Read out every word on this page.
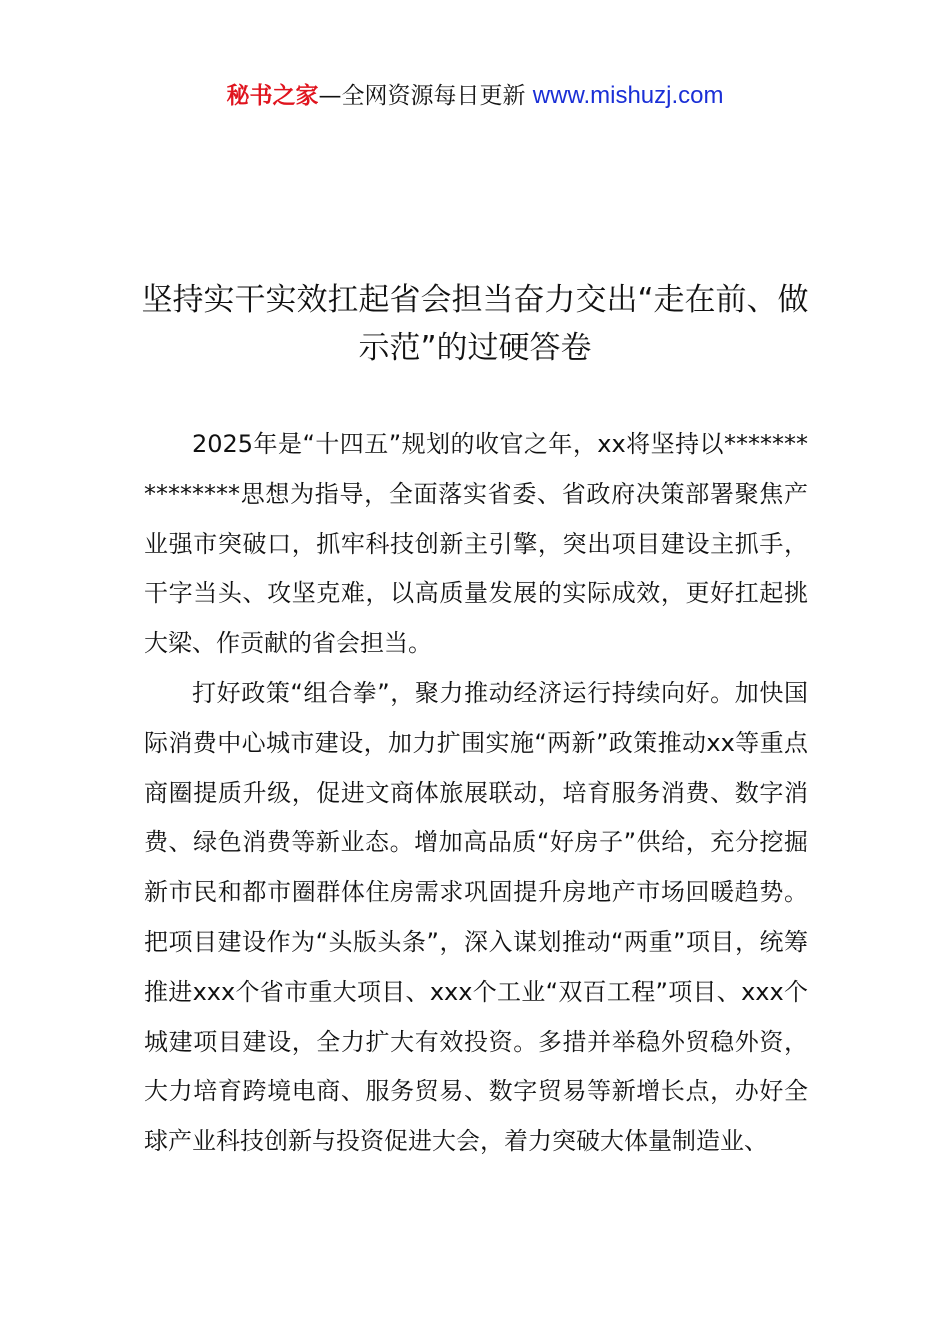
秘书之家—全网资源每日更新 www.mishuzj.com
坚持实干实效扛起省会担当奋力交出“走在前、做示范”的过硬答卷

2025年是“十四五”规划的收官之年，xx将坚持以***************思想为指导，全面落实省委、省政府决策部署聚焦产业强市突破口，抓牢科技创新主引擎，突出项目建设主抓手，干字当头、攻坚克难，以高质量发展的实际成效，更好扛起挑大梁、作贡献的省会担当。

打好政策“组合拳”，聚力推动经济运行持续向好。加快国际消费中心城市建设，加力扩围实施“两新”政策推动xx等重点商圈提质升级，促进文商体旅展联动，培育服务消费、数字消费、绿色消费等新业态。增加高品质“好房子”供给，充分挖掘新市民和都市圈群体住房需求巩固提升房地产市场回暖趋势。把项目建设作为“头版头条”，深入谋划推动“两重”项目，统筹推进xxx个省市重大项目、xxx个工业“双百工程”项目、xxx个城建项目建设，全力扩大有效投资。多措并举稳外贸稳外资，大力培育跨境电商、服务贸易、数字贸易等新增长点，办好全球产业科技创新与投资促进大会，着力突破大体量制造业、
